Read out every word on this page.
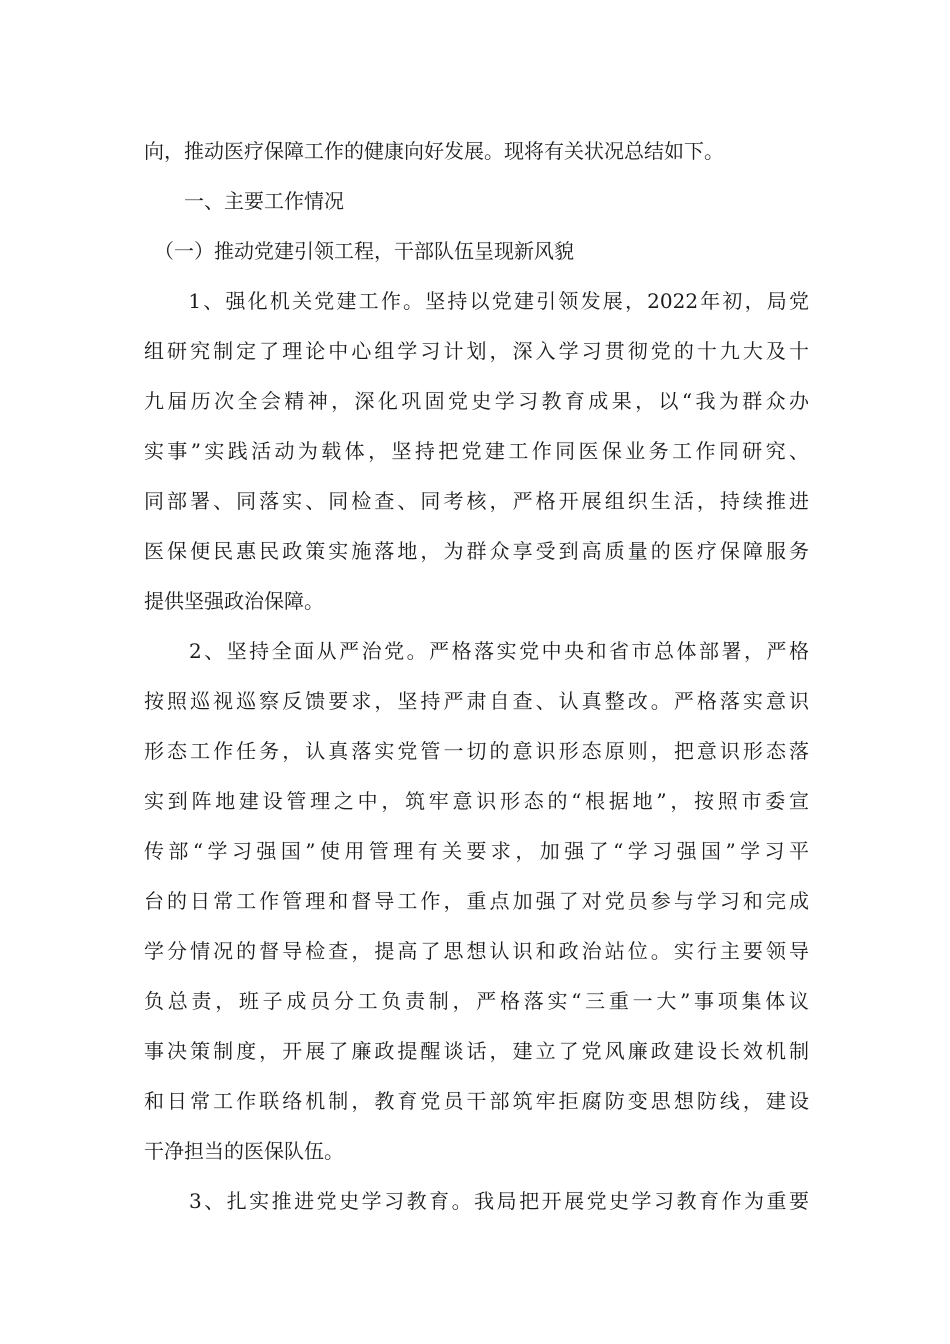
向，推动医疗保障工作的健康向好发展。现将有关状况总结如下。

　　一、主要工作情况

　（一）推动党建引领工程，干部队伍呈现新风貌

　　1、强化机关党建工作。坚持以党建引领发展，2022年初，局党

组研究制定了理论中心组学习计划，深入学习贯彻党的十九大及十

九届历次全会精神，深化巩固党史学习教育成果，以“我为群众办

实事”实践活动为载体，坚持把党建工作同医保业务工作同研究、

同部署、同落实、同检查、同考核，严格开展组织生活，持续推进

医保便民惠民政策实施落地，为群众享受到高质量的医疗保障服务

提供坚强政治保障。

　　2、坚持全面从严治党。严格落实党中央和省市总体部署，严格

按照巡视巡察反馈要求，坚持严肃自查、认真整改。严格落实意识

形态工作任务，认真落实党管一切的意识形态原则，把意识形态落

实到阵地建设管理之中，筑牢意识形态的“根据地”，按照市委宣

传部“学习强国”使用管理有关要求，加强了“学习强国”学习平

台的日常工作管理和督导工作，重点加强了对党员参与学习和完成

学分情况的督导检查，提高了思想认识和政治站位。实行主要领导

负总责，班子成员分工负责制，严格落实“三重一大”事项集体议

事决策制度，开展了廉政提醒谈话，建立了党风廉政建设长效机制

和日常工作联络机制，教育党员干部筑牢拒腐防变思想防线，建设

干净担当的医保队伍。

　　3、扎实推进党史学习教育。我局把开展党史学习教育作为重要
